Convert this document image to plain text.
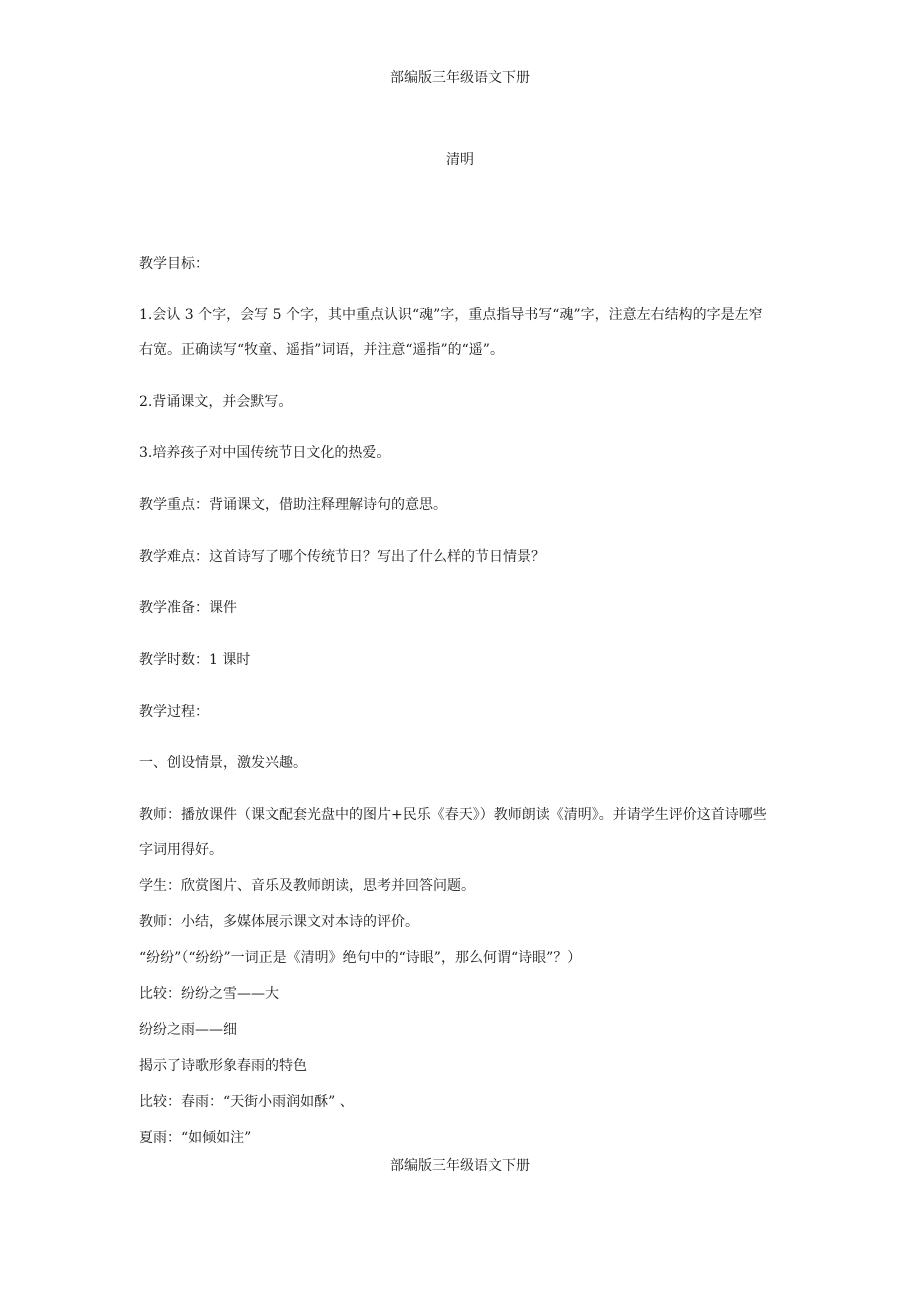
部编版三年级语文下册
清明
教学目标：
1.会认 3 个字，会写 5 个字，其中重点认识“魂”字，重点指导书写“魂”字，注意左右结构的字是左窄
右宽。正确读写“牧童、遥指”词语，并注意“遥指”的“遥”。
2.背诵课文，并会默写。
3.培养孩子对中国传统节日文化的热爱。
教学重点：背诵课文，借助注释理解诗句的意思。
教学难点：这首诗写了哪个传统节日？写出了什么样的节日情景？
教学准备：课件
教学时数：1 课时
教学过程：
一、创设情景，激发兴趣。
教师：播放课件（课文配套光盘中的图片+民乐《春天》）教师朗读《清明》。并请学生评价这首诗哪些
字词用得好。
学生：欣赏图片、音乐及教师朗读，思考并回答问题。
教师：小结，多媒体展示课文对本诗的评价。
“纷纷”（“纷纷”一词正是《清明》绝句中的“诗眼”，那么何谓“诗眼”？）
比较：纷纷之雪——大
纷纷之雨——细
揭示了诗歌形象春雨的特色
比较：春雨：“天街小雨润如酥” 、
夏雨：“如倾如注”
部编版三年级语文下册
